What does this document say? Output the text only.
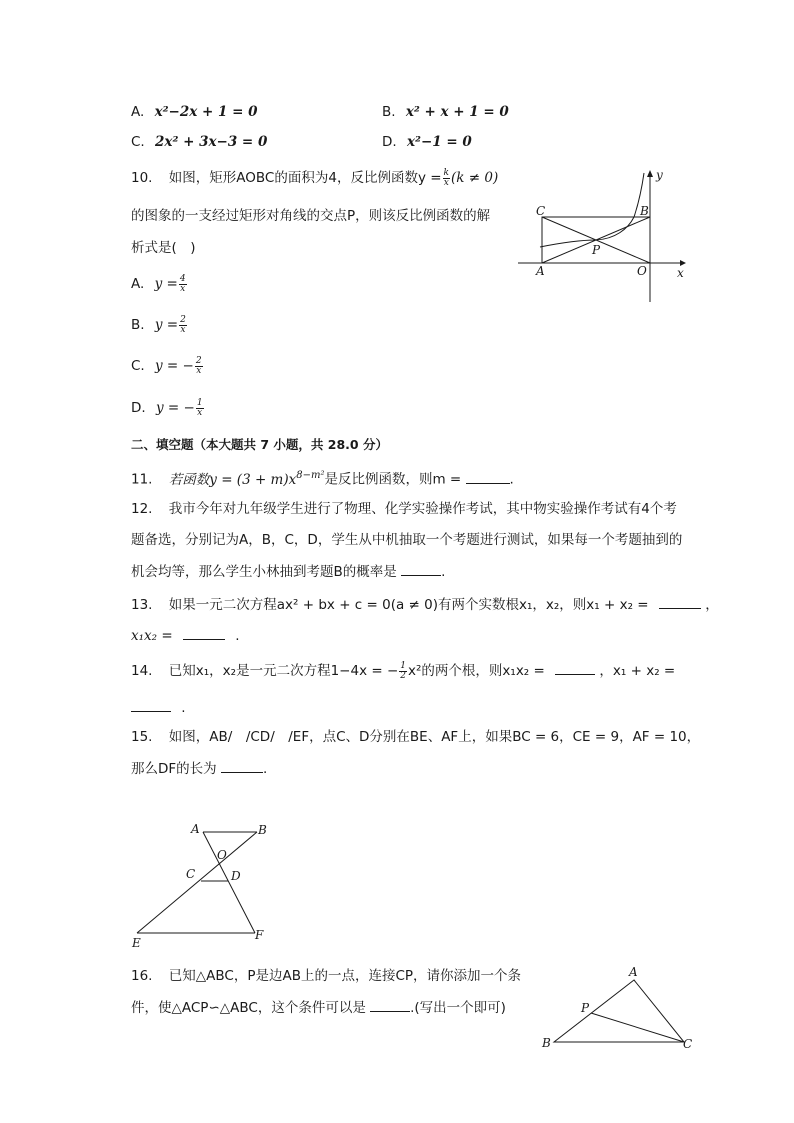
A. x²−2x + 1 = 0	B. x² + x + 1 = 0
C. 2x² + 3x−3 = 0	D. x²−1 = 0
10. 如图，矩形AOBC的面积为4，反比例函数$y = \frac{k}{x} (k \ne 0)$
的图象的一支经过矩形对角线的交点P，则该反比例函数的解
析式是(　)
A. $y = \frac{4}{x}$
B. $y = \frac{2}{x}$
C. y = − $\frac{2}{x}$
D. y = − $\frac{1}{x}$
C	B
P
A	O	x
y
二、填空题（本大题共 7 小题，共 28.0 分）
11. 若函数$y = (3 + m)x^{8-m^2}$是反比例函数，则m =	.
12. 我市今年对九年级学生进行了物理、化学实验操作考试，其中物实验操作考试有4个考
题备选，分别记为A，B，C，D，学生从中机抽取一个考题进行测试，如果每一个考题抽到的
机会均等，那么学生小林抽到考题B的概率是	.
13. 如果一元二次方程ax² + bx + c = 0(a ≠ 0)有两个实数根x₁，x₂，则x₁ + x₂ =	，
x₁x₂ =	.
14. 已知x₁，x₂是一元二次方程1−4x = − $\frac{1}{2} x^2$的两个根，则x₁x₂ =	，x₁ + x₂ =
.
15. 如图，AB/　/CD/　/EF，点C、D分别在BE、AF上，如果BC = 6，CE = 9，AF = 10，
那么DF的长为	.
A	B
O
C	D
E
F
16. 已知△ABC，P是边AB上的一点，连接CP，请你添加一个条
件，使△ACP∽△ABC，这个条件可以是	.(写出一个即可)
A
P
B	C
